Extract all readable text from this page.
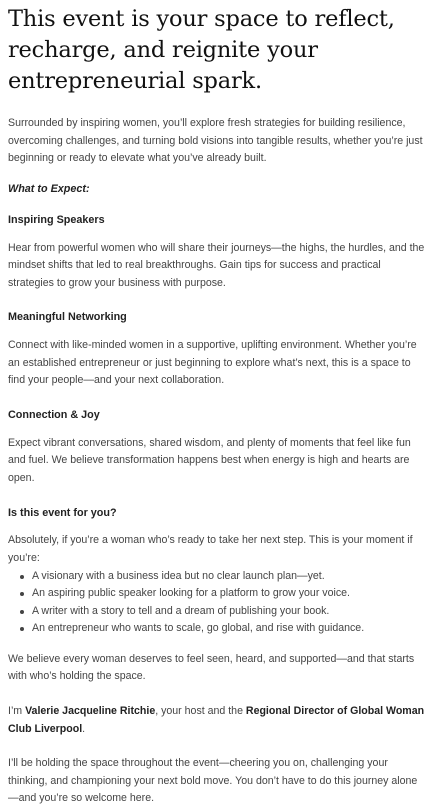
This event is your space to reflect, recharge, and reignite your entrepreneurial spark.

Surrounded by inspiring women, you’ll explore fresh strategies for building resilience, overcoming challenges, and turning bold visions into tangible results, whether you’re just beginning or ready to elevate what you’ve already built.

What to Expect:

Inspiring Speakers

Hear from powerful women who will share their journeys—the highs, the hurdles, and the mindset shifts that led to real breakthroughs. Gain tips for success and practical strategies to grow your business with purpose.

Meaningful Networking

Connect with like-minded women in a supportive, uplifting environment. Whether you’re an established entrepreneur or just beginning to explore what’s next, this is a space to find your people—and your next collaboration.

Connection & Joy

Expect vibrant conversations, shared wisdom, and plenty of moments that feel like fun and fuel. We believe transformation happens best when energy is high and hearts are open.

Is this event for you?

Absolutely, if you’re a woman who’s ready to take her next step. This is your moment if you’re:

A visionary with a business idea but no clear launch plan—yet.
An aspiring public speaker looking for a platform to grow your voice.
A writer with a story to tell and a dream of publishing your book.
An entrepreneur who wants to scale, go global, and rise with guidance.

We believe every woman deserves to feel seen, heard, and supported—and that starts with who’s holding the space.

I’m Valerie Jacqueline Ritchie, your host and the Regional Director of Global Woman Club Liverpool.

I’ll be holding the space throughout the event—cheering you on, challenging your thinking, and championing your next bold move. You don’t have to do this journey alone—and you’re so welcome here.
